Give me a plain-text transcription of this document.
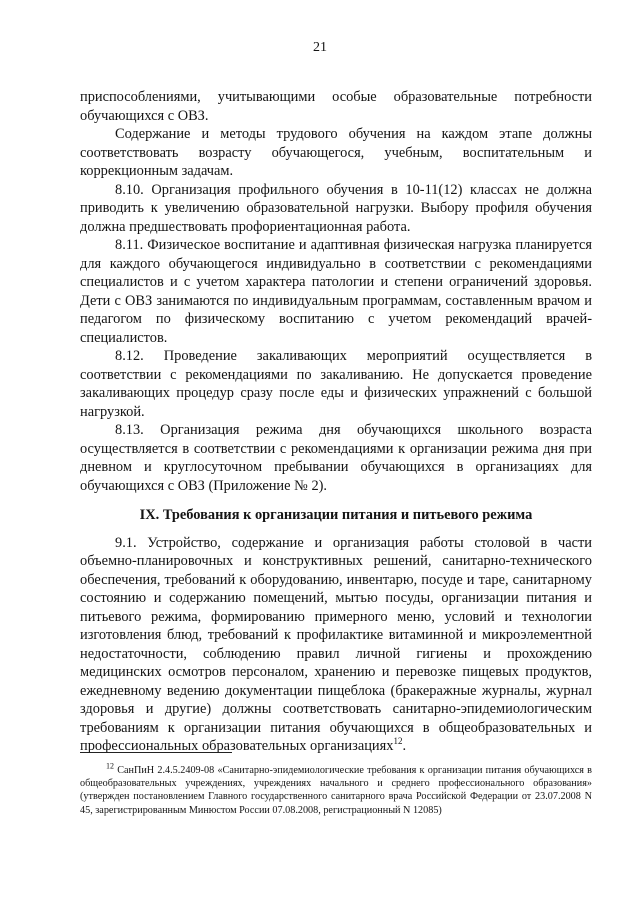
21

приспособлениями, учитывающими особые образовательные потребности обучающихся с ОВЗ.

Содержание и методы трудового обучения на каждом этапе должны соответствовать возрасту обучающегося, учебным, воспитательным и коррекционным задачам.

8.10. Организация профильного обучения в 10-11(12) классах не должна приводить к увеличению образовательной нагрузки. Выбору профиля обучения должна предшествовать профориентационная работа.

8.11. Физическое воспитание и адаптивная физическая нагрузка планируется для каждого обучающегося индивидуально в соответствии с рекомендациями специалистов и с учетом характера патологии и степени ограничений здоровья. Дети с ОВЗ занимаются по индивидуальным программам, составленным врачом и педагогом по физическому воспитанию с учетом рекомендаций врачей-специалистов.

8.12. Проведение закаливающих мероприятий осуществляется в соответствии с рекомендациями по закаливанию. Не допускается проведение закаливающих процедур сразу после еды и физических упражнений с большой нагрузкой.

8.13. Организация режима дня обучающихся школьного возраста осуществляется в соответствии с рекомендациями к организации режима дня при дневном и круглосуточном пребывании обучающихся в организациях для обучающихся с ОВЗ (Приложение № 2).

IX. Требования к организации питания и питьевого режима

9.1. Устройство, содержание и организация работы столовой в части объемно-планировочных и конструктивных решений, санитарно-технического обеспечения, требований к оборудованию, инвентарю, посуде и таре, санитарному состоянию и содержанию помещений, мытью посуды, организации питания и питьевого режима, формированию примерного меню, условий и технологии изготовления блюд, требований к профилактике витаминной и микроэлементной недостаточности, соблюдению правил личной гигиены и прохождению медицинских осмотров персоналом, хранению и перевозке пищевых продуктов, ежедневному ведению документации пищеблока (бракеражные журналы, журнал здоровья и другие) должны соответствовать санитарно-эпидемиологическим требованиям к организации питания обучающихся в общеобразовательных и профессиональных образовательных организациях$^{12}$.

$^{12}$ СанПиН 2.4.5.2409-08 «Санитарно-эпидемиологические требования к организации питания обучающихся в общеобразовательных учреждениях, учреждениях начального и среднего профессионального образования» (утвержден постановлением Главного государственного санитарного врача Российской Федерации от 23.07.2008 N 45, зарегистрированным Минюстом России 07.08.2008, регистрационный N 12085)
